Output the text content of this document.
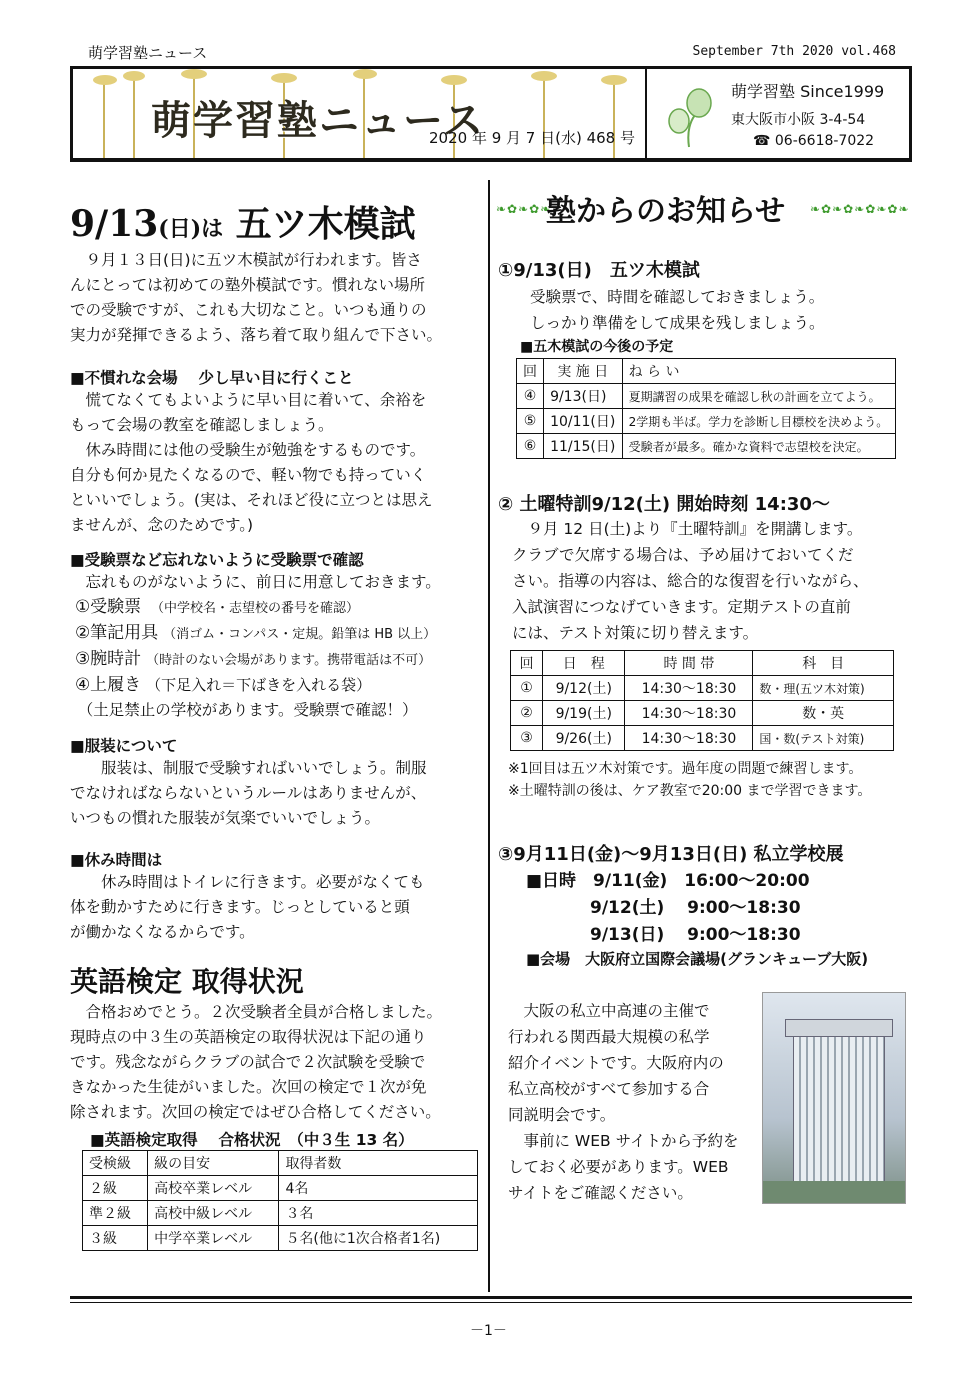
萌学習塾ニュース	September 7th 2020 vol.468
萌学習塾ニュース
2020 年 9 月 7 日(水) 468 号
萌学習塾 Since1999
東大阪市小阪 3-4-54
☎ 06-6618-7022
9/13(日)は 五ツ木模試
　９月１３日(日)に五ツ木模試が行われます。皆さ
んにとっては初めての塾外模試です。慣れない場所
での受験ですが、これも大切なこと。いつも通りの
実力が発揮できるよう、落ち着て取り組んで下さい。
■不慣れな会場　 少し早い目に行くこと
　慌てなくてもよいように早い目に着いて、余裕を
もって会場の教室を確認しましょう。
　休み時間には他の受験生が勉強をするものです。
自分も何か見たくなるので、軽い物でも持っていく
といいでしょう。(実は、それほど役に立つとは思え
ませんが、念のためです。)
■受験票など忘れないように受験票で確認
　忘れものがないように、前日に用意しておきます。
①受験票 （中学校名・志望校の番号を確認）
②筆記用具 （消ゴム・コンパス・定規。鉛筆は HB 以上）
③腕時計 （時計のない会場があります。携帯電話は不可）
④上履き （下足入れ＝下ばきを入れる袋）
　（土足禁止の学校があります。受験票で確認！）
■服装について
　　服装は、制服で受験すればいいでしょう。制服
でなければならないというルールはありませんが、
いつもの慣れた服装が気楽でいいでしょう。
■休み時間は
　　休み時間はトイレに行きます。必要がなくても
体を動かすために行きます。じっとしていると頭
が働かなくなるからです。
英語検定 取得状況
　合格おめでとう。２次受験者全員が合格しました。
現時点の中３生の英語検定の取得状況は下記の通り
です。残念ながらクラブの試合で２次試験を受験で
きなかった生徒がいました。次回の検定で１次が免
除されます。次回の検定ではぜひ合格してください。
■英語検定取得　 合格状況　（中３生 13 名）
受検級	級の目安	取得者数
２級	高校卒業レベル	4名
準２級	高校中級レベル	３名
３級	中学卒業レベル	５名(他に1次合格者1名)
❧✿❧✿❧
塾からのお知らせ ❧✿❧✿❧✿❧✿❧
①9/13(日)　五ツ木模試
受験票で、時間を確認しておきましょう。
しっかり準備をして成果を残しましょう。
■五木模試の今後の予定
回	実 施 日	ね ら い
④	9/13(日)	夏期講習の成果を確認し秋の計画を立てよう。
⑤	10/11(日)	2学期も半ば。学力を診断し目標校を決めよう。
⑥	11/15(日)	受験者が最多。確かな資料で志望校を決定。
② 土曜特訓9/12(土) 開始時刻 14:30～
　９月 12 日(土)より『土曜特訓』を開講します。
クラブで欠席する場合は、予め届けておいてくだ
さい。指導の内容は、総合的な復習を行いながら、
入試演習につなげていきます。定期テストの直前
には、テスト対策に切り替えます。
回	日　程	時 間 帯	科　目
①	9/12(土)	14:30～18:30	数・理(五ツ木対策)
②	9/19(土)	14:30～18:30	数・英
③	9/26(土)	14:30～18:30	国・数(テスト対策)
※1回目は五ツ木対策です。過年度の問題で練習します。
※土曜特訓の後は、ケア教室で20:00 まで学習できます。
③9月11日(金)～9月13日(日) 私立学校展
■日時　9/11(金)　16:00～20:00
9/12(土)　 9:00～18:30
9/13(日)　 9:00～18:30
■会場　大阪府立国際会議場(グランキューブ大阪)
　大阪の私立中高連の主催で
行われる関西最大規模の私学
紹介イベントです。大阪府内の
私立高校がすべて参加する合
同説明会です。
　事前に WEB サイトから予約を
しておく必要があります。WEB
サイトをご確認ください。
－1－
